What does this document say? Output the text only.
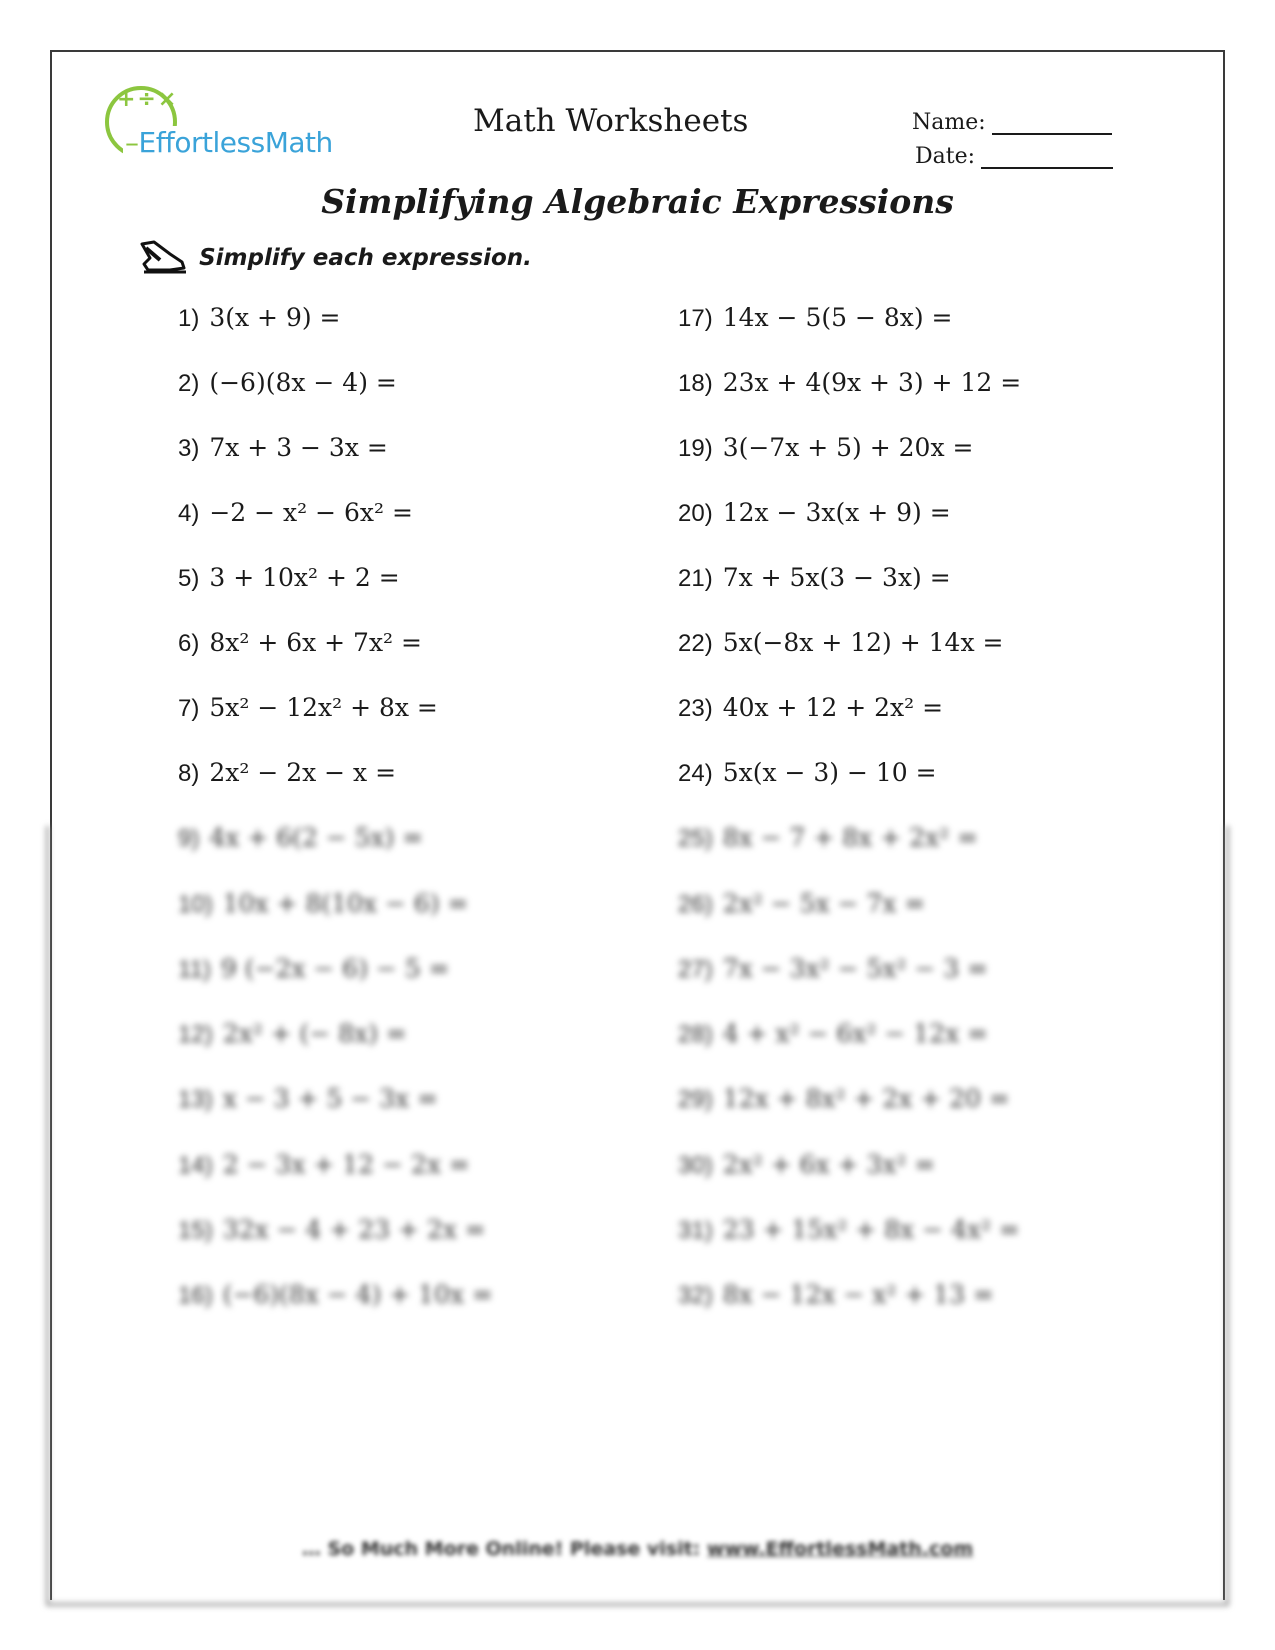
+÷×
–EffortlessMath
Math Worksheets	Name:
Date:
Simplifying Algebraic Expressions
Simplify each expression.
1) 3(x + 9) =
2) (−6)(8x − 4) =
3) 7x + 3 − 3x =
4) −2 − x² − 6x² =
5) 3 + 10x² + 2 =
6) 8x² + 6x + 7x² =
7) 5x² − 12x² + 8x =
8) 2x² − 2x − x =
9) 4x + 6(2 − 5x) =
10) 10x + 8(10x − 6) =
11) 9 (−2x − 6) − 5 =
12) 2x² + (− 8x) =
13) x − 3 + 5 − 3x =
14) 2 − 3x + 12 − 2x =
15) 32x − 4 + 23 + 2x =
16) (−6)(8x − 4) + 10x =
17) 14x − 5(5 − 8x) =
18) 23x + 4(9x + 3) + 12 =
19) 3(−7x + 5) + 20x =
20) 12x − 3x(x + 9) =
21) 7x + 5x(3 − 3x) =
22) 5x(−8x + 12) + 14x =
23) 40x + 12 + 2x² =
24) 5x(x − 3) − 10 =
25) 8x − 7 + 8x + 2x² =
26) 2x² − 5x − 7x =
27) 7x − 3x² − 5x² − 3 =
28) 4 + x² − 6x² − 12x =
29) 12x + 8x² + 2x + 20 =
30) 2x² + 6x + 3x² =
31) 23 + 15x² + 8x − 4x² =
32) 8x − 12x − x² + 13 =
… So Much More Online! Please visit: www.EffortlessMath.com
